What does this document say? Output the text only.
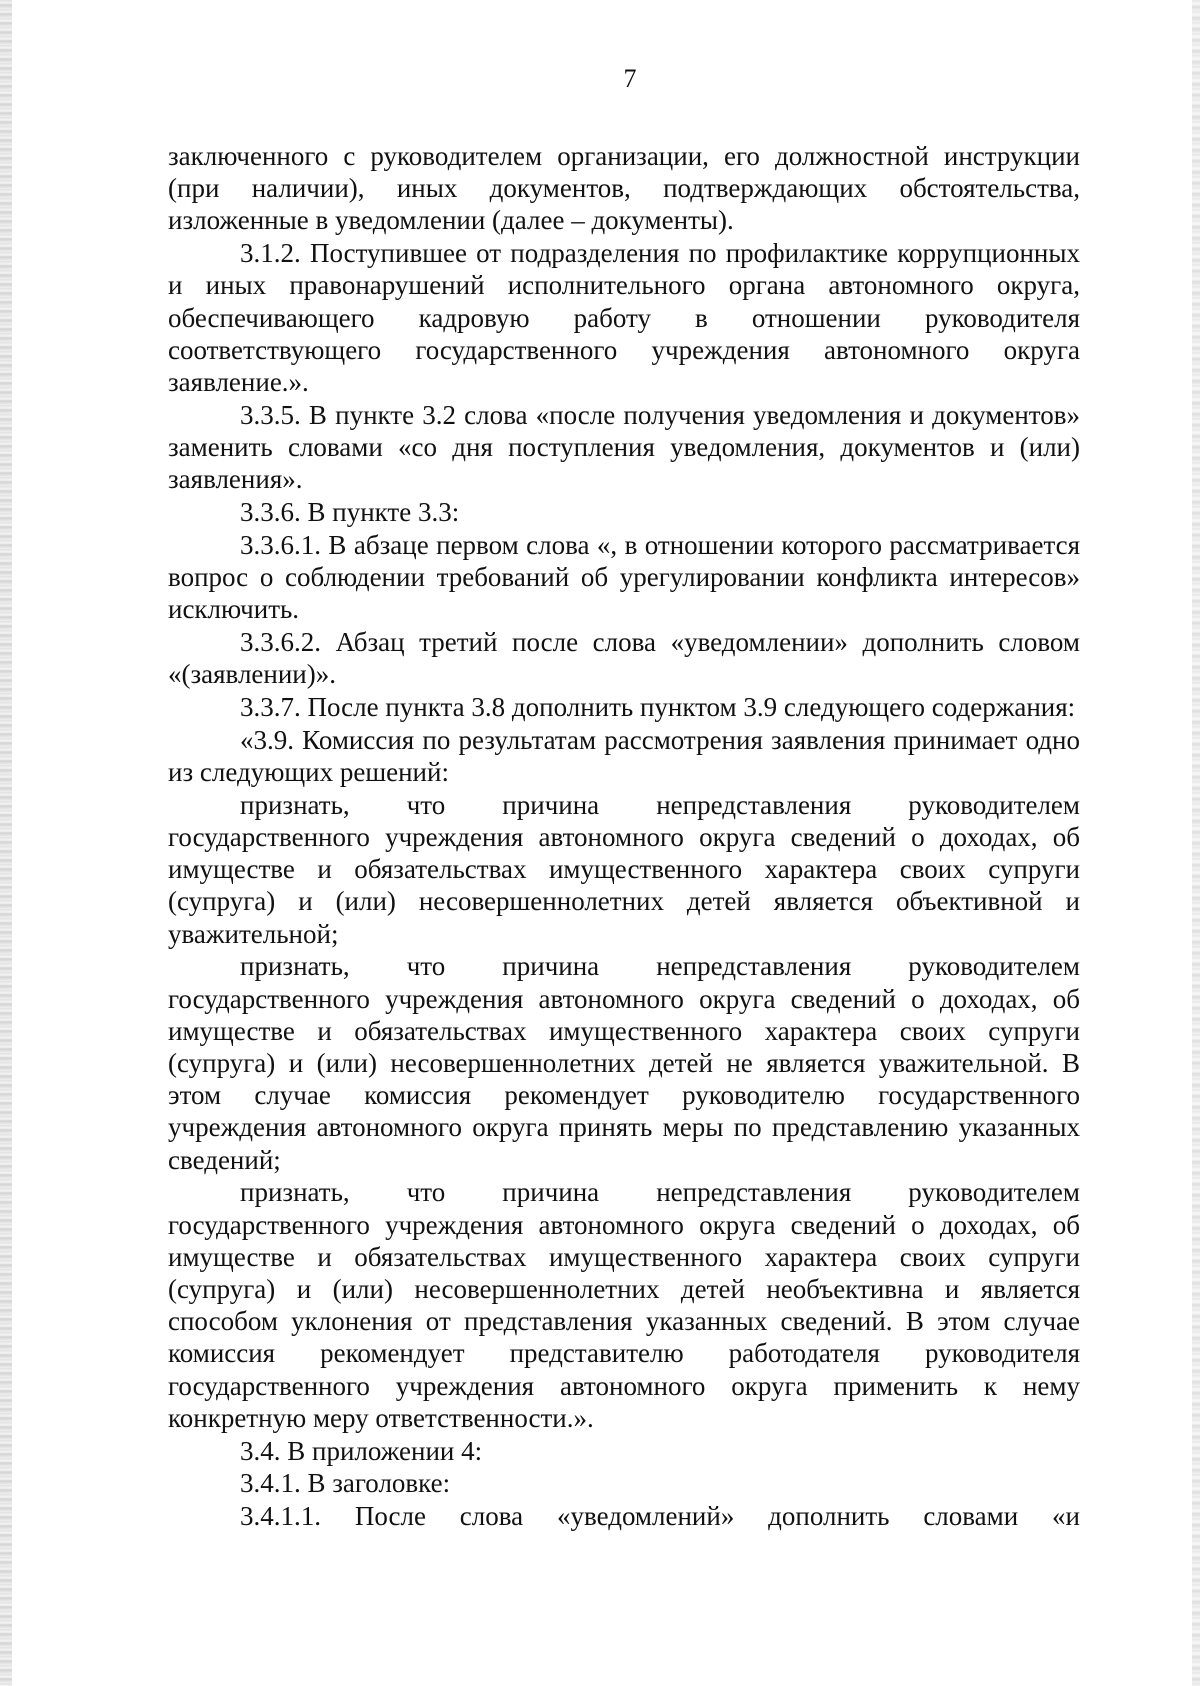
7

заключенного с руководителем организации, его должностной инструкции (при наличии), иных документов, подтверждающих обстоятельства, изложенные в уведомлении (далее – документы).

3.1.2. Поступившее от подразделения по профилактике коррупционных и иных правонарушений исполнительного органа автономного округа, обеспечивающего кадровую работу в отношении руководителя соответствующего государственного учреждения автономного округа заявление.».

3.3.5. В пункте 3.2 слова «после получения уведомления и документов» заменить словами «со дня поступления уведомления, документов и (или) заявления».

3.3.6. В пункте 3.3:

3.3.6.1. В абзаце первом слова «, в отношении которого рассматривается вопрос о соблюдении требований об урегулировании конфликта интересов» исключить.

3.3.6.2. Абзац третий после слова «уведомлении» дополнить словом «(заявлении)».

3.3.7. После пункта 3.8 дополнить пунктом 3.9 следующего содержания:

«3.9. Комиссия по результатам рассмотрения заявления принимает одно из следующих решений:

признать, что причина непредставления руководителем государственного учреждения автономного округа сведений о доходах, об имуществе и обязательствах имущественного характера своих супруги (супруга) и (или) несовершеннолетних детей является объективной и уважительной;

признать, что причина непредставления руководителем государственного учреждения автономного округа сведений о доходах, об имуществе и обязательствах имущественного характера своих супруги (супруга) и (или) несовершеннолетних детей не является уважительной. В этом случае комиссия рекомендует руководителю государственного учреждения автономного округа принять меры по представлению указанных сведений;

признать, что причина непредставления руководителем государственного учреждения автономного округа сведений о доходах, об имуществе и обязательствах имущественного характера своих супруги (супруга) и (или) несовершеннолетних детей необъективна и является способом уклонения от представления указанных сведений. В этом случае комиссия рекомендует представителю работодателя руководителя государственного учреждения автономного округа применить к нему конкретную меру ответственности.».

3.4. В приложении 4:

3.4.1. В заголовке:

3.4.1.1. После слова «уведомлений» дополнить словами «и
